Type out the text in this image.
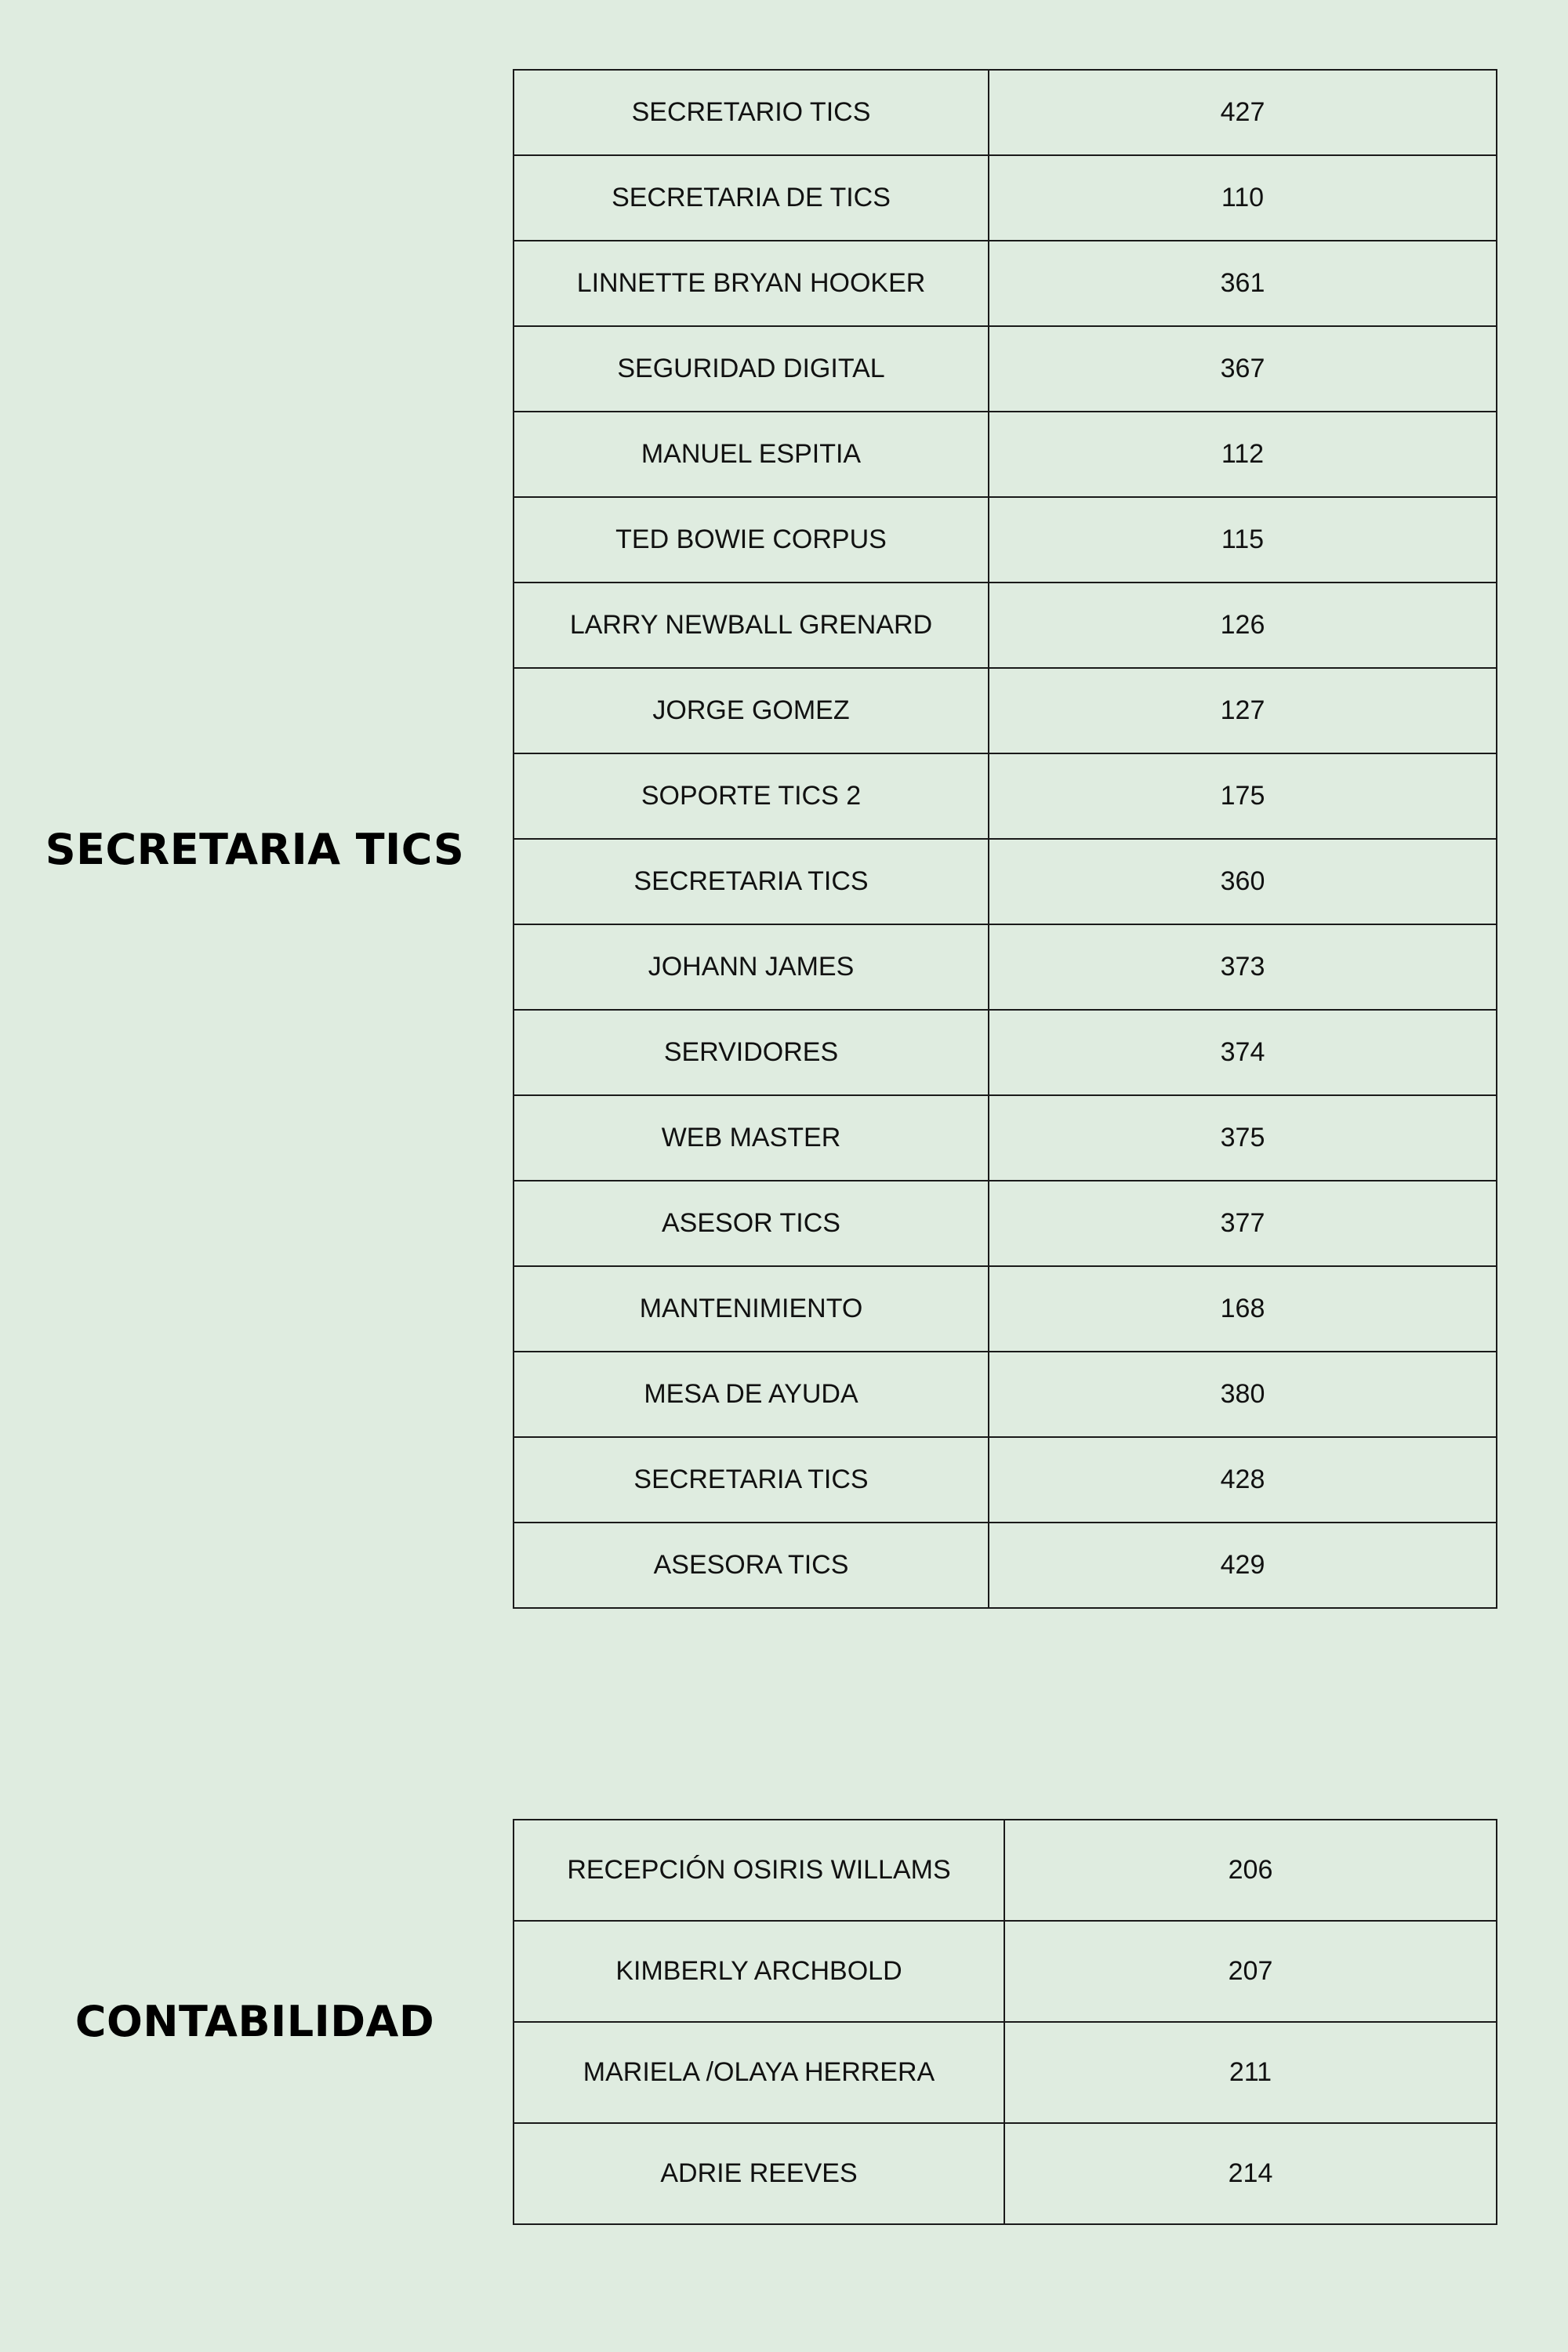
SECRETARIA TICS
SECRETARIO TICS	427
SECRETARIA DE TICS	110
LINNETTE BRYAN HOOKER	361
SEGURIDAD DIGITAL	367
MANUEL ESPITIA	112
TED BOWIE CORPUS	115
LARRY NEWBALL GRENARD	126
JORGE GOMEZ	127
SOPORTE TICS 2	175
SECRETARIA TICS	360
JOHANN JAMES	373
SERVIDORES	374
WEB MASTER	375
ASESOR TICS	377
MANTENIMIENTO	168
MESA DE AYUDA	380
SECRETARIA TICS	428
ASESORA TICS	429
CONTABILIDAD
RECEPCIÓN OSIRIS WILLAMS	206
KIMBERLY ARCHBOLD	207
MARIELA /OLAYA HERRERA	211
ADRIE REEVES	214
